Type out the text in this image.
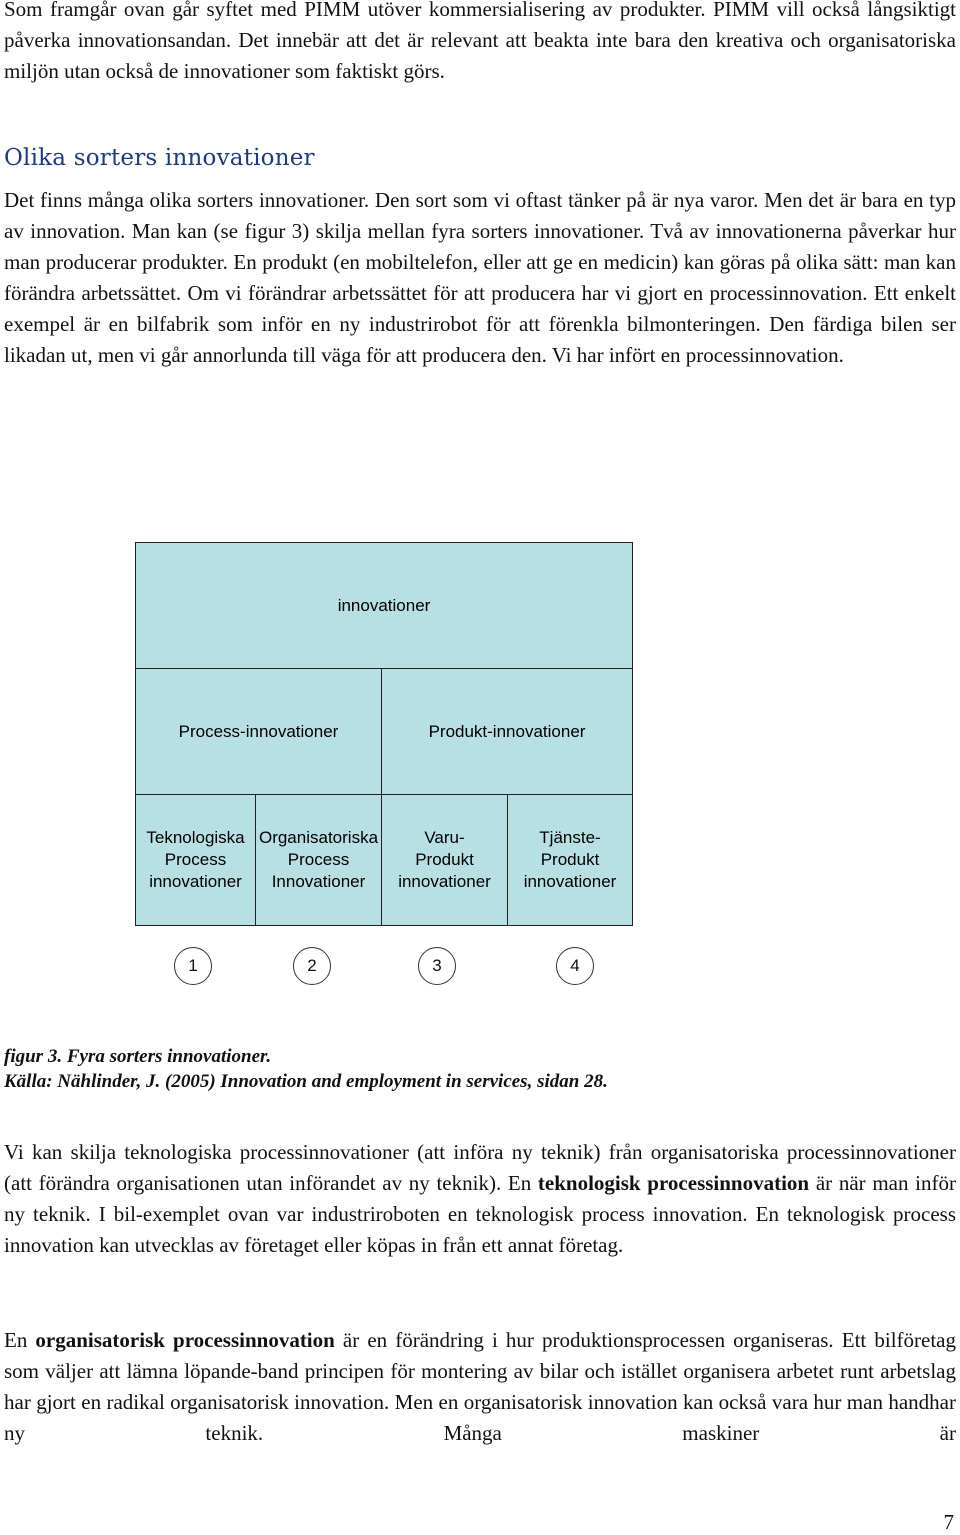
Som framgår ovan går syftet med PIMM utöver kommersialisering av produkter. PIMM vill också långsiktigt påverka innovationsandan. Det innebär att det är relevant att beakta inte bara den kreativa och organisatoriska miljön utan också de innovationer som faktiskt görs.

Olika sorters innovationer

Det finns många olika sorters innovationer. Den sort som vi oftast tänker på är nya varor. Men det är bara en typ av innovation. Man kan (se figur 3) skilja mellan fyra sorters innovationer. Två av innovationerna påverkar hur man producerar produkter. En produkt (en mobiltelefon, eller att ge en medicin) kan göras på olika sätt: man kan förändra arbetssättet. Om vi förändrar arbetssättet för att producera har vi gjort en processinnovation. Ett enkelt exempel är en bilfabrik som inför en ny industrirobot för att förenkla bilmonteringen. Den färdiga bilen ser likadan ut, men vi går annorlunda till väga för att producera den. Vi har infört en processinnovation.

innovationer
Process-innovationer	Produkt-innovationer
Teknologiska
Process
innovationer
Organisatoriska
Process
Innovationer
Varu-
Produkt
innovationer
Tjänste-
Produkt
innovationer
1	2	3	4
figur 3. Fyra sorters innovationer.
Källa: Nählinder, J. (2005) Innovation and employment in services, sidan 28.

Vi kan skilja teknologiska processinnovationer (att införa ny teknik) från organisatoriska processinnovationer (att förändra organisationen utan införandet av ny teknik). En teknologisk processinnovation är när man inför ny teknik. I bil-exemplet ovan var industriroboten en teknologisk process innovation. En teknologisk process innovation kan utvecklas av företaget eller köpas in från ett annat företag.

En organisatorisk processinnovation är en förändring i hur produktionsprocessen organiseras. Ett bilföretag som väljer att lämna löpande-band principen för montering av bilar och istället organisera arbetet runt arbetslag har gjort en radikal organisatorisk innovation. Men en organisatorisk innovation kan också vara hur man handhar ny teknik. Många maskiner är

7
